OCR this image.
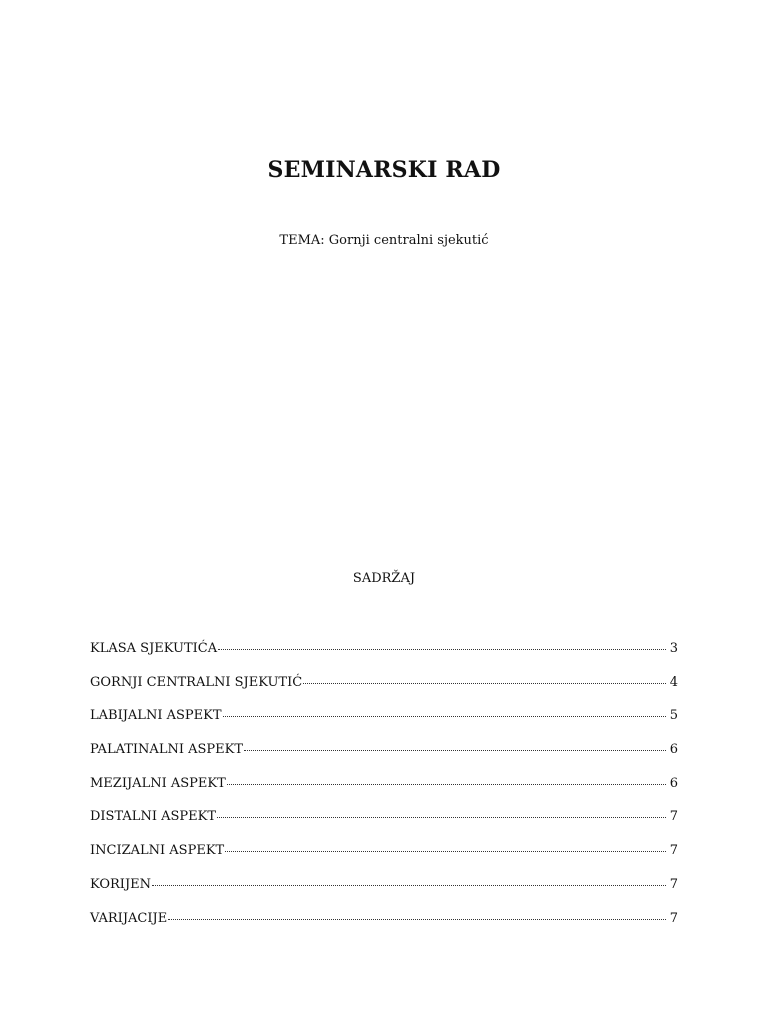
SEMINARSKI RAD
TEMA: Gornji centralni sjekutić
SADRŽAJ
KLASA SJEKUTIĆA	3
GORNJI CENTRALNI SJEKUTIĆ	4
LABIJALNI ASPEKT	5
PALATINALNI ASPEKT	6
MEZIJALNI ASPEKT	6
DISTALNI ASPEKT	7
INCIZALNI ASPEKT	7
KORIJEN	7
VARIJACIJE	7
